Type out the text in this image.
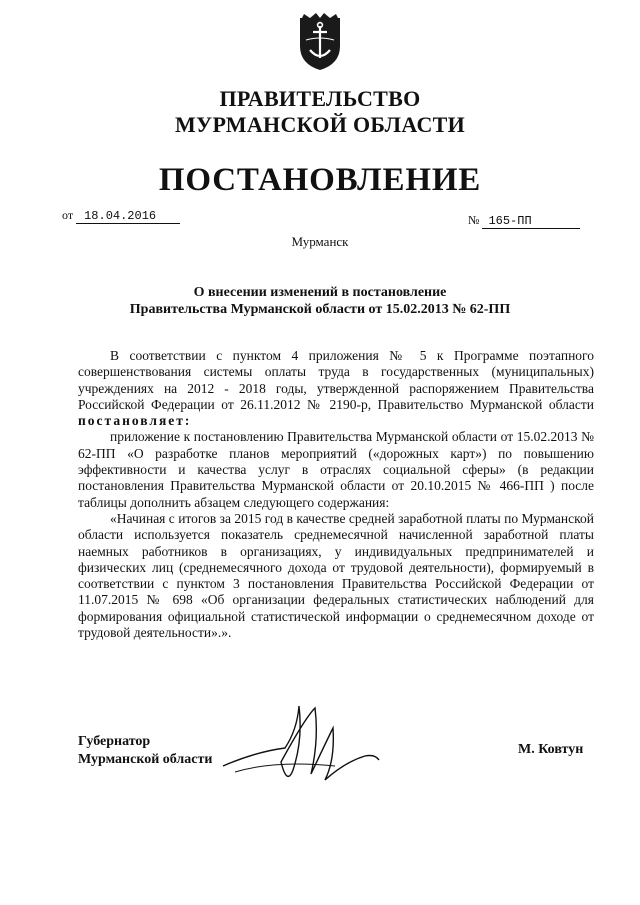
ПРАВИТЕЛЬСТВО
МУРМАНСКОЙ ОБЛАСТИ
ПОСТАНОВЛЕНИЕ
от 18.04.2016	№ 165-ПП
Мурманск
О внесении изменений в постановление
Правительства Мурманской области от 15.02.2013 № 62-ПП

В соответствии с пунктом 4 приложения № 5 к Программе поэтапного совершенствования системы оплаты труда в государственных (муниципальных) учреждениях на 2012 - 2018 годы, утвержденной распоряжением Правительства Российской Федерации от 26.11.2012 № 2190-р, Правительство Мурманской области постановляет:

приложение к постановлению Правительства Мурманской области от 15.02.2013 № 62-ПП «О разработке планов мероприятий («дорожных карт») по повышению эффективности и качества услуг в отраслях социальной сферы» (в редакции постановления Правительства Мурманской области от 20.10.2015 № 466-ПП ) после таблицы дополнить абзацем следующего содержания:

«Начиная с итогов за 2015 год в качестве средней заработной платы по Мурманской области используется показатель среднемесячной начисленной заработной платы наемных работников в организациях, у индивидуальных предпринимателей и физических лиц (среднемесячного дохода от трудовой деятельности), формируемый в соответствии с пунктом 3 постановления Правительства Российской Федерации от 11.07.2015 № 698 «Об организации федеральных статистических наблюдений для формирования официальной статистической информации о среднемесячном доходе от трудовой деятельности».».

Губернатор
Мурманской области
М. Ковтун
